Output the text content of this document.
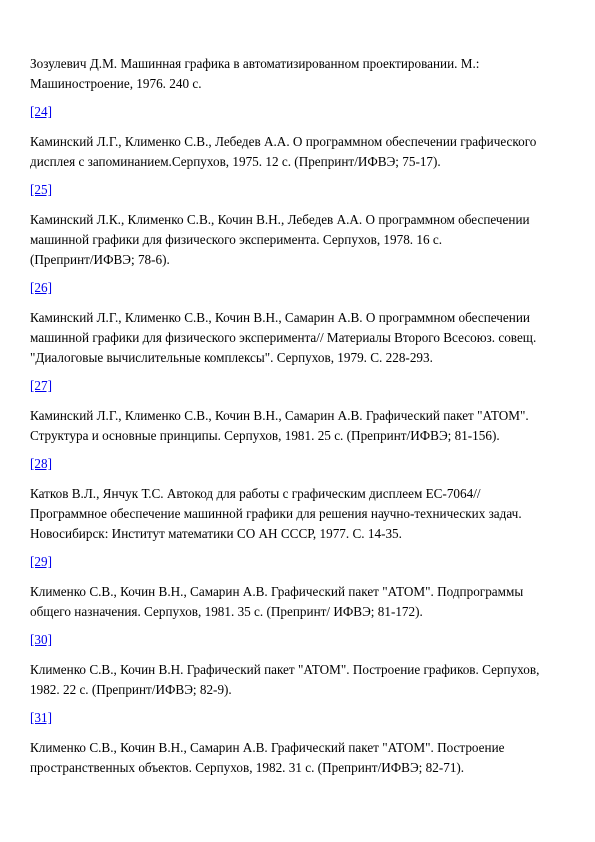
Зозулевич Д.М. Машинная графика в автоматизированном проектировании. М.:
Машиностроение, 1976. 240 с.

[24]

Каминский Л.Г., Клименко С.В., Лебедев А.А. О программном обеспечении графического
дисплея с запоминанием.Серпухов, 1975. 12 с. (Препринт/ИФВЭ; 75-17).

[25]

Каминский Л.К., Клименко С.В., Кочин В.Н., Лебедев А.А. О программном обеспечении
машинной графики для физического эксперимента. Серпухов, 1978. 16 с.
(Препринт/ИФВЭ; 78-6).

[26]

Каминский Л.Г., Клименко С.В., Кочин В.Н., Самарин А.В. О программном обеспечении
машинной графики для физического эксперимента// Материалы Второго Всесоюз. совещ.
"Диалоговые вычислительные комплексы". Серпухов, 1979. С. 228-293.

[27]

Каминский Л.Г., Клименко С.В., Кочин В.Н., Самарин А.В. Графический пакет "АТОМ".
Структура и основные принципы. Серпухов, 1981. 25 с. (Препринт/ИФВЭ; 81-156).

[28]

Катков В.Л., Янчук Т.С. Автокод для работы с графическим дисплеем ЕС-7064//
Программное обеспечение машинной графики для решения научно-технических задач.
Новосибирск: Институт математики СО АН СССР, 1977. С. 14-35.

[29]

Клименко С.В., Кочин В.Н., Самарин А.В. Графический пакет "АТОМ". Подпрограммы
общего назначения. Серпухов, 1981. 35 с. (Препринт/ ИФВЭ; 81-172).

[30]

Клименко С.В., Кочин В.Н. Графический пакет "АТОМ". Построение графиков. Серпухов,
1982. 22 с. (Препринт/ИФВЭ; 82-9).

[31]

Клименко С.В., Кочин В.Н., Самарин А.В. Графический пакет "АТОМ". Построение
пространственных объектов. Серпухов, 1982. 31 с. (Препринт/ИФВЭ; 82-71).
